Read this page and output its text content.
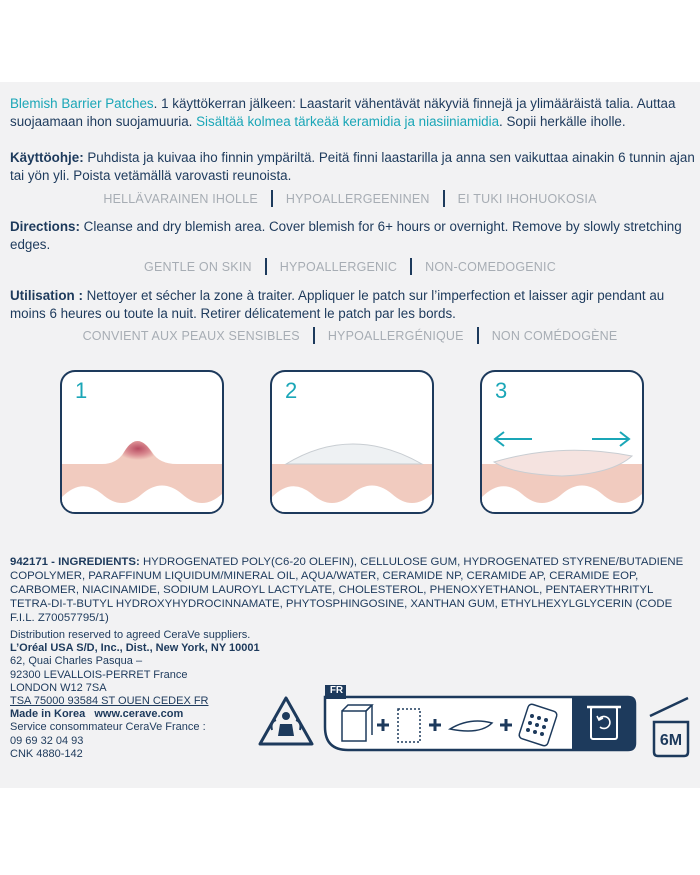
Blemish Barrier Patches. 1 käyttökerran jälkeen: Laastarit vähentävät näkyviä finnejä ja ylimääräistä talia. Auttaa suojaamaan ihon suojamuuria. Sisältää kolmea tärkeää keramidia ja niasiiniamidia. Sopii herkälle iholle.
Käyttöohje: Puhdista ja kuivaa iho finnin ympäriltä. Peitä finni laastarilla ja anna sen vaikuttaa ainakin 6 tunnin ajan tai yön yli. Poista vetämällä varovasti reunoista.
HELLÄVARAINEN IHOLLE HYPOALLERGEENINEN EI TUKI IHOHUOKOSIA
Directions: Cleanse and dry blemish area. Cover blemish for 6+ hours or overnight. Remove by slowly stretching edges.
GENTLE ON SKIN HYPOALLERGENIC NON-COMEDOGENIC
Utilisation : Nettoyer et sécher la zone à traiter. Appliquer le patch sur l’imperfection et laisser agir pendant au moins 6 heures ou toute la nuit. Retirer délicatement le patch par les bords.
CONVIENT AUX PEAUX SENSIBLES HYPOALLERGÉNIQUE NON COMÉDOGÈNE
1	2	3
942171 - INGREDIENTS: HYDROGENATED POLY(C6-20 OLEFIN), CELLULOSE GUM, HYDROGENATED STYRENE/BUTADIENE COPOLYMER, PARAFFINUM LIQUIDUM/MINERAL OIL, AQUA/WATER, CERAMIDE NP, CERAMIDE AP, CERAMIDE EOP, CARBOMER, NIACINAMIDE, SODIUM LAUROYL LACTYLATE, CHOLESTEROL, PHENOXYETHANOL, PENTAERYTHRITYL TETRA-DI-T-BUTYL HYDROXYHYDROCINNAMATE, PHYTOSPHINGOSINE, XANTHAN GUM, ETHYLHEXYLGLYCERIN (CODE F.I.L. Z70057795/1)
Distribution reserved to agreed CeraVe suppliers.
L’Oréal USA S/D, Inc., Dist., New York, NY 10001
62, Quai Charles Pasqua –
92300 LEVALLOIS-PERRET France
LONDON W12 7SA
TSA 75000 93584 ST OUEN CEDEX FR
Made in Korea www.cerave.com
Service consommateur CeraVe France :
09 69 32 04 93
CNK 4880-142
FR
6M
